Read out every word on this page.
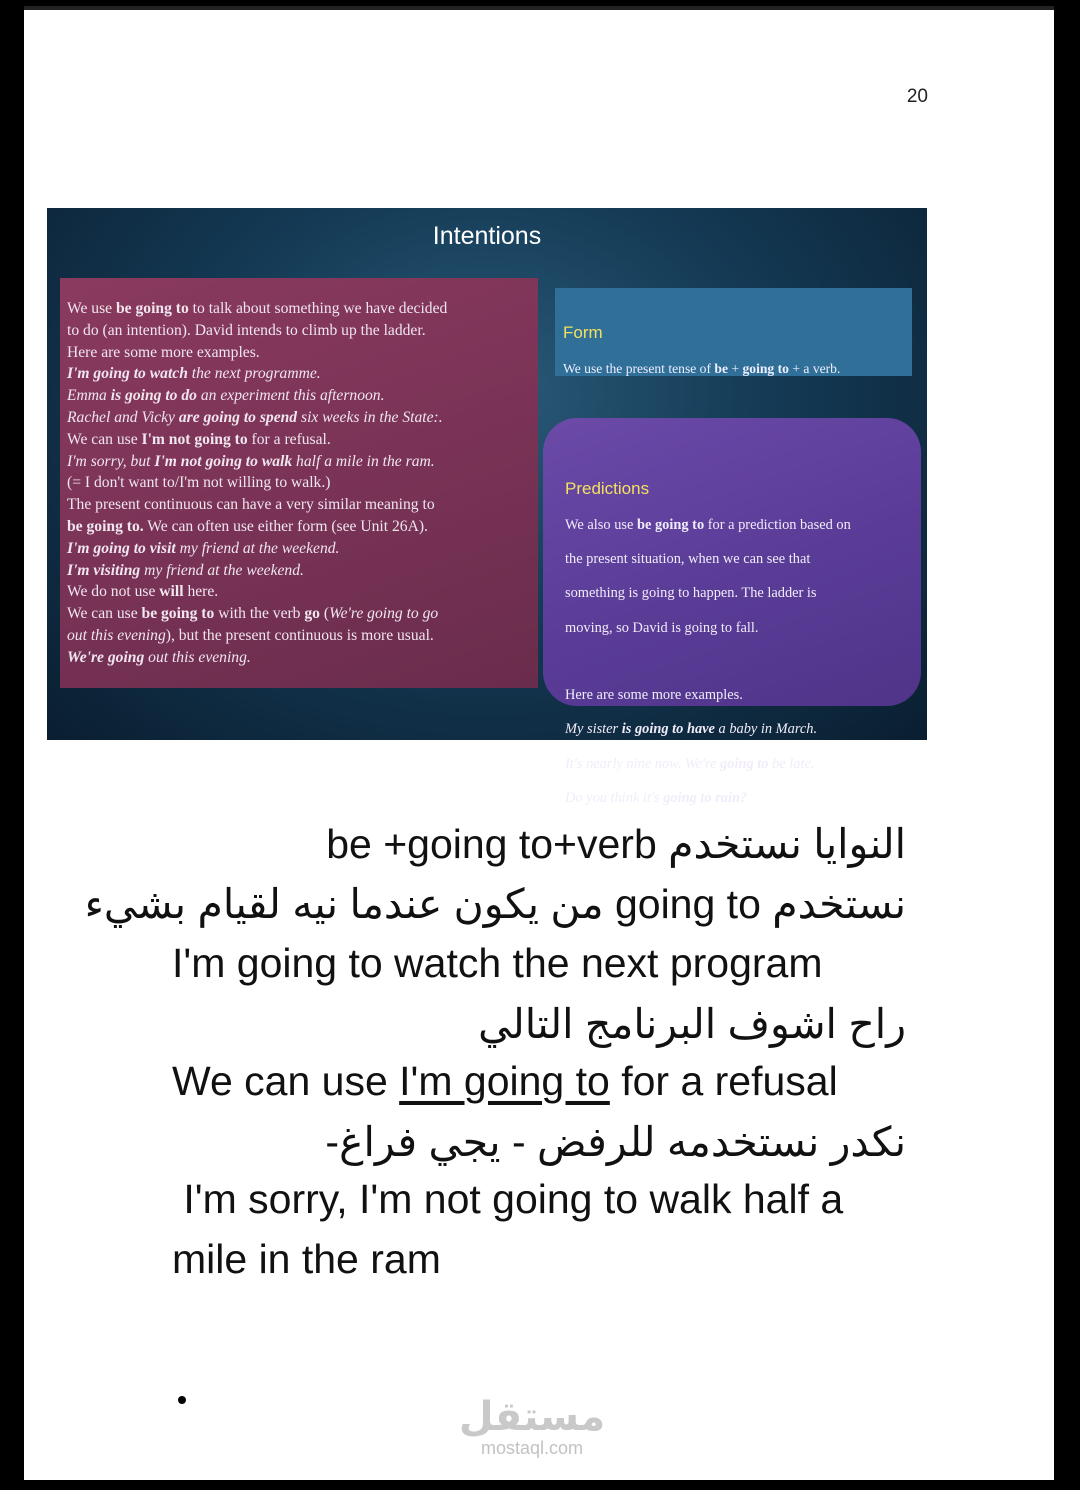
20
Intentions

We use be going to to talk about something we have decided

to do (an intention). David intends to climb up the ladder.

Here are some more examples.

I'm going to watch the next programme.

Emma is going to do an experiment this afternoon.

Rachel and Vicky are going to spend six weeks in the State:.

We can use I'm not going to for a refusal.

I'm sorry, but I'm not going to walk half a mile in the ram.

(= I don't want to/I'm not willing to walk.)

The present continuous can have a very similar meaning to

be going to. We can often use either form (see Unit 26A).

I'm going to visit my friend at the weekend.

I'm visiting my friend at the weekend.

We do not use will here.

We can use be going to with the verb go (We're going to go

out this evening), but the present continuous is more usual.

We're going out this evening.

Form

We use the present tense of be + going to + a verb.

Predictions

We also use be going to for a prediction based on

the present situation, when we can see that

something is going to happen. The ladder is

moving, so David is going to fall.

Here are some more examples.

My sister is going to have a baby in March.

It's nearly nine now. We're going to be late.

Do you think it's going to rain?

النوايا نستخدم be +going to+verb
نستخدم going to من يكون عندما نيه لقيام بشيء
I'm going to watch the next program
راح اشوف البرنامج التالي
We can use I'm going to for a refusal
نكدر نستخدمه للرفض - يجي فراغ-
I'm sorry, I'm not going to walk half a
mile in the ram
مستقل
mostaql.com
